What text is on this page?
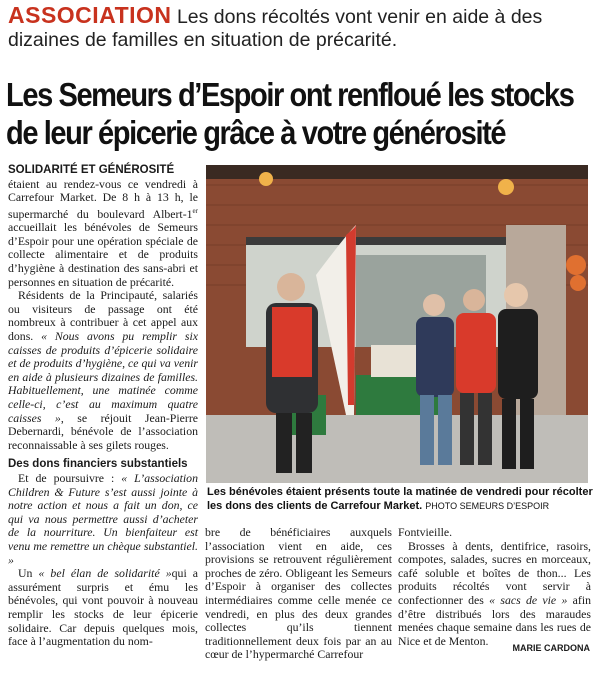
ASSOCIATION Les dons récoltés vont venir en aide à des dizaines de familles en situation de précarité.
Les Semeurs d’Espoir ont renfloué les stocks
de leur épicerie grâce à votre générosité

SOLIDARITÉ ET GÉNÉROSITÉ
étaient au rendez-vous ce vendredi à Carrefour Market. De 8 h à 13 h, le supermarché du boulevard Albert-1er accueillait les bénévoles de Semeurs d’Espoir pour une opération spéciale de collecte alimentaire et de produits d’hygiène à destination des sans-abri et personnes en situation de précarité.

Résidents de la Principauté, salariés ou visiteurs de passage ont été nombreux à contribuer à cet appel aux dons. « Nous avons pu remplir six caisses de produits d’épicerie solidaire et de produits d’hygiène, ce qui va venir en aide à plusieurs dizaines de familles. Habituellement, une matinée comme celle-ci, c’est au maximum quatre caisses », se réjouit Jean-Pierre Debernardi, bénévole de l’association reconnaissable à ses gilets rouges.

Des dons financiers substantiels

Et de poursuivre : « L’association Children & Future s’est aussi jointe à notre action et nous a fait un don, ce qui va nous permettre aussi d’acheter de la nourriture. Un bienfaiteur est venu me remettre un chèque substantiel. »

Un « bel élan de solidarité »qui a assurément surpris et ému les bénévoles, qui vont pouvoir à nouveau remplir les stocks de leur épicerie solidaire. Car depuis quelques mois, face à l’augmentation du nom-

Les bénévoles étaient présents toute la matinée de vendredi pour récolter les dons des clients de Carrefour Market. PHOTO SEMEURS D’ESPOIR

bre de bénéficiaires auxquels l’association vient en aide, ces provisions se retrouvent régulièrement proches de zéro. Obligeant les Semeurs d’Espoir à organiser des collectes intermédiaires comme celle menée ce vendredi, en plus des deux grandes collectes qu’ils tiennent traditionnellement deux fois par an au cœur de l’hypermarché Carrefour

Fontvieille.

Brosses à dents, dentifrice, rasoirs, compotes, salades, sucres en morceaux, café soluble et boîtes de thon... Les produits récoltés vont servir à confectionner des « sacs de vie » afin d’être distribués lors des maraudes menées chaque semaine dans les rues de Nice et de Menton.

MARIE CARDONA
